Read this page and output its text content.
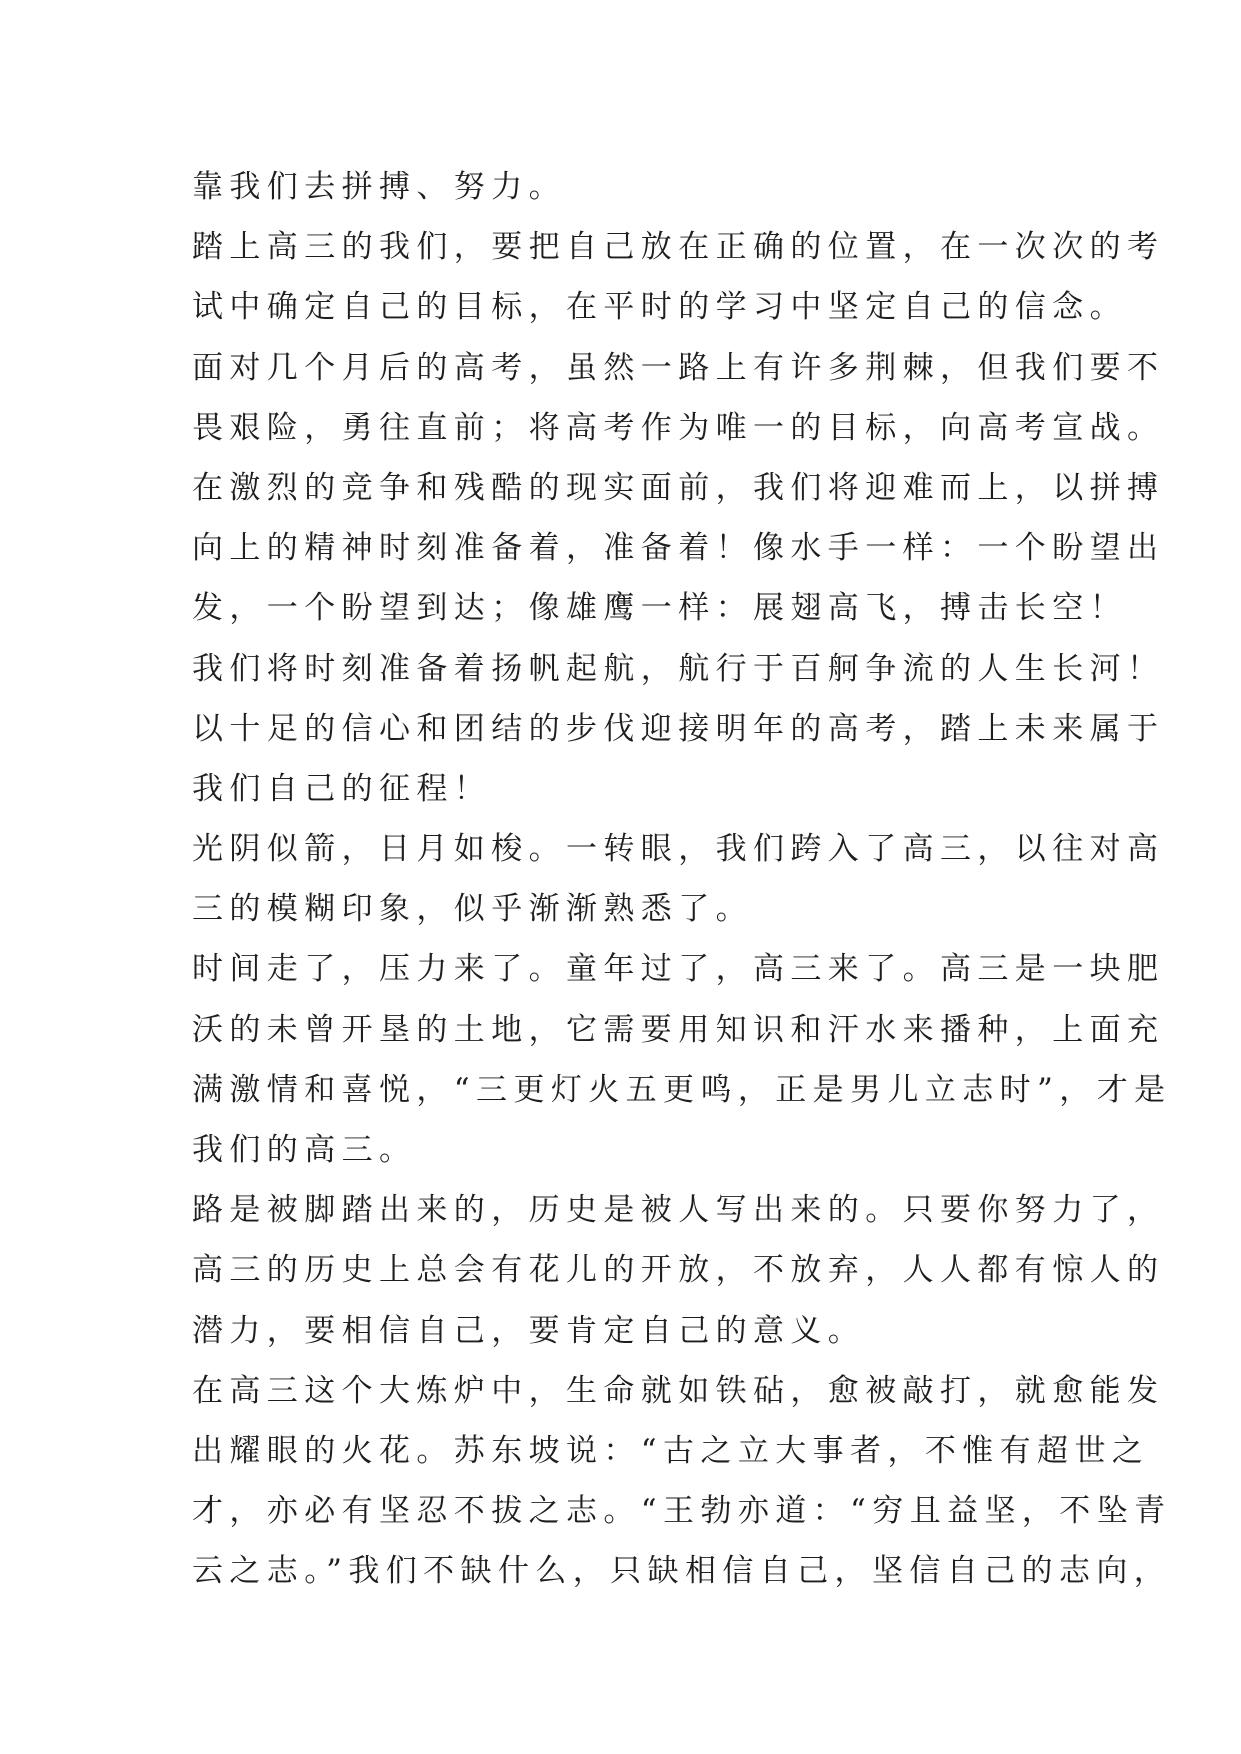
靠我们去拼搏、努力。
踏上高三的我们，要把自己放在正确的位置，在一次次的考
试中确定自己的目标，在平时的学习中坚定自己的信念。
面对几个月后的高考，虽然一路上有许多荆棘，但我们要不
畏艰险，勇往直前；将高考作为唯一的目标，向高考宣战。
在激烈的竞争和残酷的现实面前，我们将迎难而上，以拼搏
向上的精神时刻准备着，准备着！像水手一样：一个盼望出
发，一个盼望到达；像雄鹰一样：展翅高飞，搏击长空！
我们将时刻准备着扬帆起航，航行于百舸争流的人生长河！
以十足的信心和团结的步伐迎接明年的高考，踏上未来属于
我们自己的征程！
光阴似箭，日月如梭。一转眼，我们跨入了高三，以往对高
三的模糊印象，似乎渐渐熟悉了。
时间走了，压力来了。童年过了，高三来了。高三是一块肥
沃的未曾开垦的土地，它需要用知识和汗水来播种，上面充
满激情和喜悦，“三更灯火五更鸣，正是男儿立志时”，才是
我们的高三。
路是被脚踏出来的，历史是被人写出来的。只要你努力了，
高三的历史上总会有花儿的开放，不放弃，人人都有惊人的
潜力，要相信自己，要肯定自己的意义。
在高三这个大炼炉中，生命就如铁砧，愈被敲打，就愈能发
出耀眼的火花。苏东坡说：“古之立大事者，不惟有超世之
才，亦必有坚忍不拔之志。“王勃亦道：“穷且益坚，不坠青
云之志。”我们不缺什么，只缺相信自己，坚信自己的志向，
